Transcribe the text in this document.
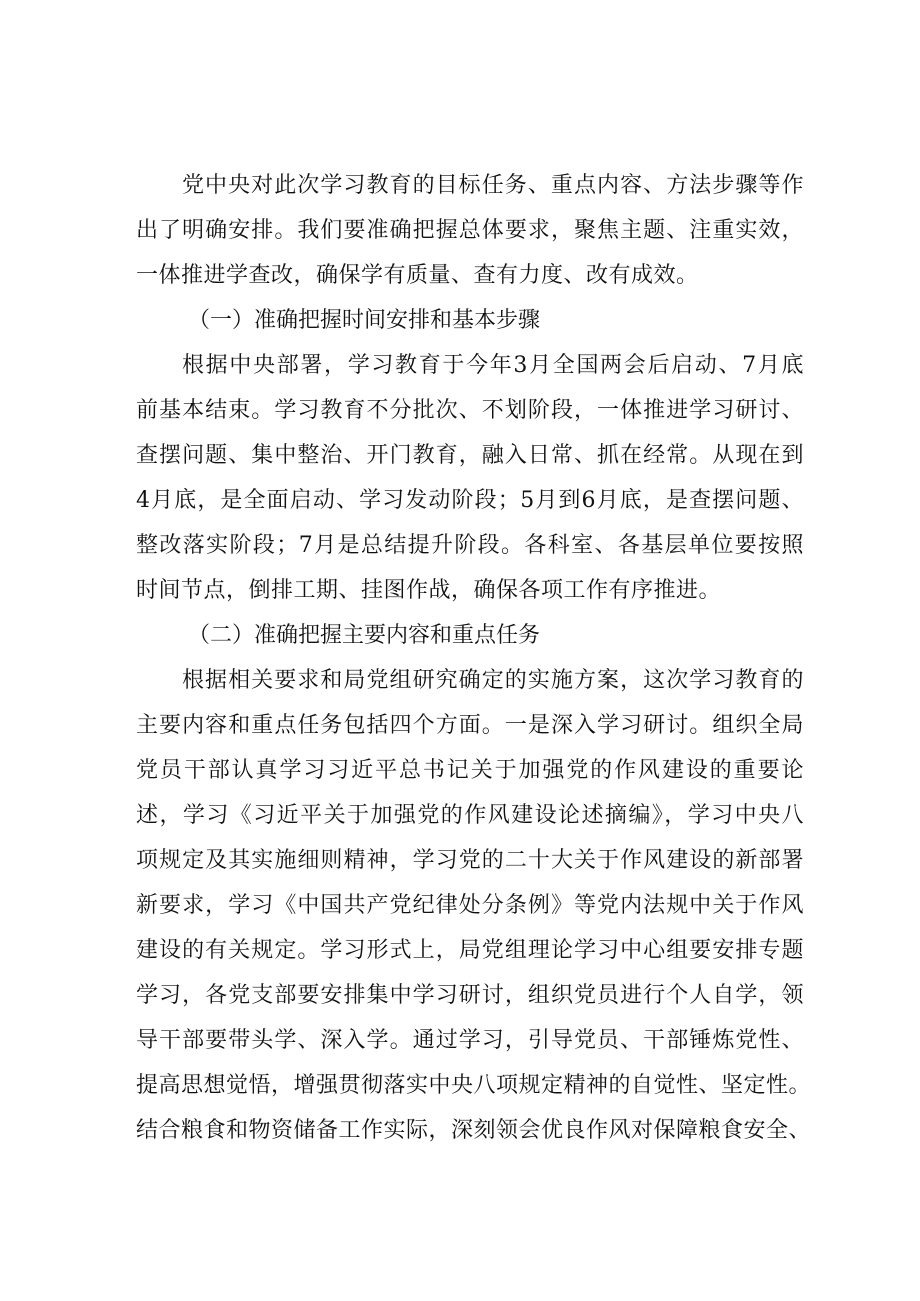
党中央对此次学习教育的目标任务、重点内容、方法步骤等作
出了明确安排。我们要准确把握总体要求，聚焦主题、注重实效，
一体推进学查改，确保学有质量、查有力度、改有成效。
（一）准确把握时间安排和基本步骤
根据中央部署，学习教育于今年3月全国两会后启动、7月底
前基本结束。学习教育不分批次、不划阶段，一体推进学习研讨、
查摆问题、集中整治、开门教育，融入日常、抓在经常。从现在到
4月底，是全面启动、学习发动阶段；5月到6月底，是查摆问题、
整改落实阶段；7月是总结提升阶段。各科室、各基层单位要按照
时间节点，倒排工期、挂图作战，确保各项工作有序推进。
（二）准确把握主要内容和重点任务
根据相关要求和局党组研究确定的实施方案，这次学习教育的
主要内容和重点任务包括四个方面。一是深入学习研讨。组织全局
党员干部认真学习习近平总书记关于加强党的作风建设的重要论
述，学习《习近平关于加强党的作风建设论述摘编》，学习中央八
项规定及其实施细则精神，学习党的二十大关于作风建设的新部署
新要求，学习《中国共产党纪律处分条例》等党内法规中关于作风
建设的有关规定。学习形式上，局党组理论学习中心组要安排专题
学习，各党支部要安排集中学习研讨，组织党员进行个人自学，领
导干部要带头学、深入学。通过学习，引导党员、干部锤炼党性、
提高思想觉悟，增强贯彻落实中央八项规定精神的自觉性、坚定性。
结合粮食和物资储备工作实际，深刻领会优良作风对保障粮食安全、
